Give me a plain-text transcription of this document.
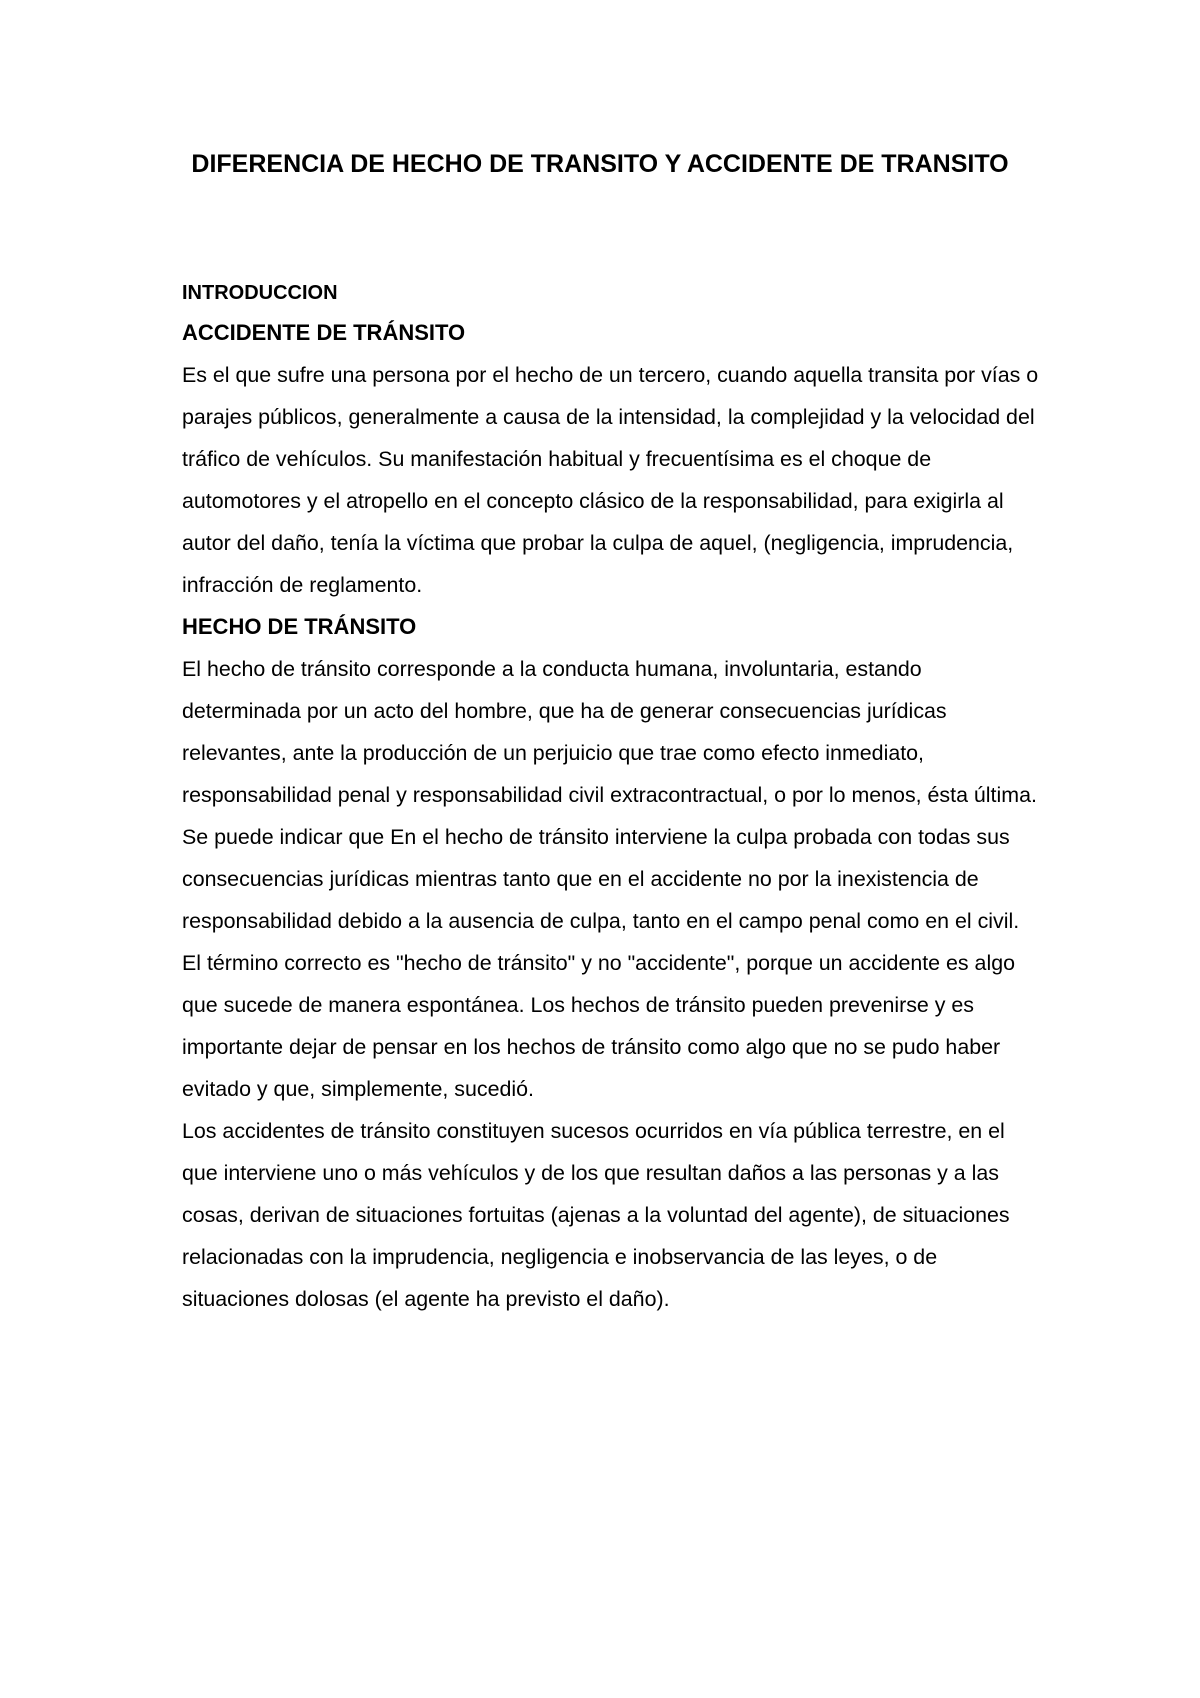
DIFERENCIA DE HECHO DE TRANSITO Y ACCIDENTE DE TRANSITO

INTRODUCCION

ACCIDENTE DE TRÁNSITO

Es el que sufre una persona por el hecho de un tercero, cuando aquella transita por vías o parajes públicos, generalmente a causa de la intensidad, la complejidad y la velocidad del tráfico de vehículos. Su manifestación habitual y frecuentísima es el choque de automotores y el atropello en el concepto clásico de la responsabilidad, para exigirla al autor del daño, tenía la víctima que probar la culpa de aquel, (negligencia, imprudencia, infracción de reglamento.

HECHO DE TRÁNSITO

El hecho de tránsito corresponde a la conducta humana, involuntaria, estando determinada por un acto del hombre, que ha de generar consecuencias jurídicas relevantes, ante la producción de un perjuicio que trae como efecto inmediato, responsabilidad penal y responsabilidad civil extracontractual, o por lo menos, ésta última.

Se puede indicar que En el hecho de tránsito interviene la culpa probada con todas sus consecuencias jurídicas mientras tanto que en el accidente no por la inexistencia de responsabilidad debido a la ausencia de culpa, tanto en el campo penal como en el civil.

El término correcto es "hecho de tránsito" y no "accidente", porque un accidente es algo que sucede de manera espontánea. Los hechos de tránsito pueden prevenirse y es importante dejar de pensar en los hechos de tránsito como algo que no se pudo haber evitado y que, simplemente, sucedió.

Los accidentes de tránsito constituyen sucesos ocurridos en vía pública terrestre, en el que interviene uno o más vehículos y de los que resultan daños a las personas y a las cosas, derivan de situaciones fortuitas (ajenas a la voluntad del agente), de situaciones relacionadas con la imprudencia, negligencia e inobservancia de las leyes, o de situaciones dolosas (el agente ha previsto el daño).
